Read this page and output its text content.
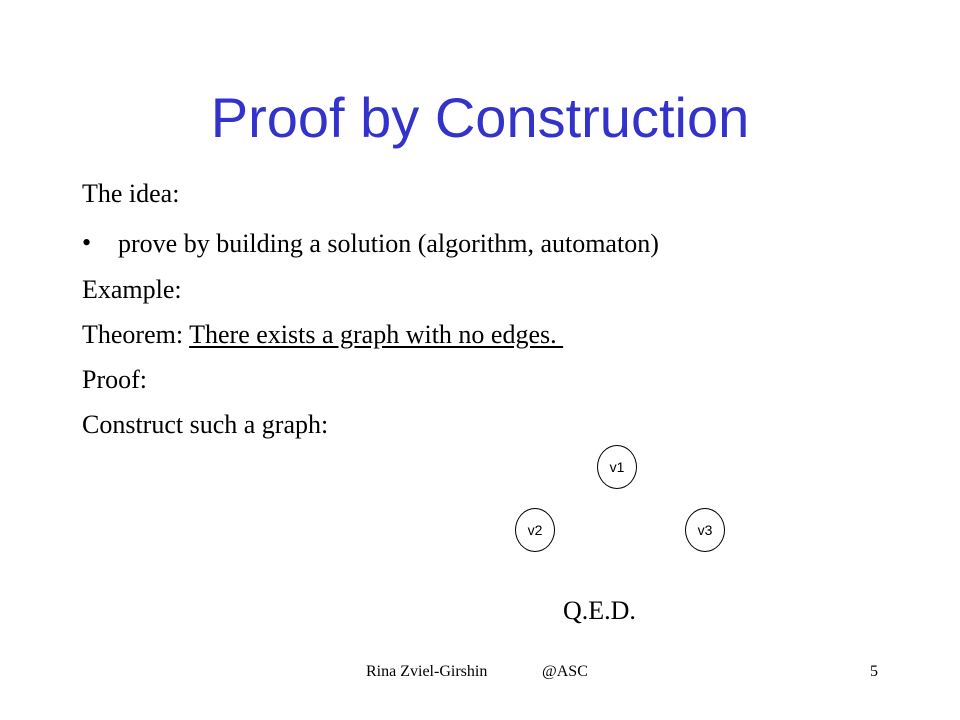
Proof by Construction
The idea:
• prove by building a solution (algorithm, automaton)
Example:
Theorem: There exists a graph with no edges.
Proof:
Construct such a graph:
v1
v2	v3
Q.E.D.
Rina Zviel-Girshin	@ASC	5
